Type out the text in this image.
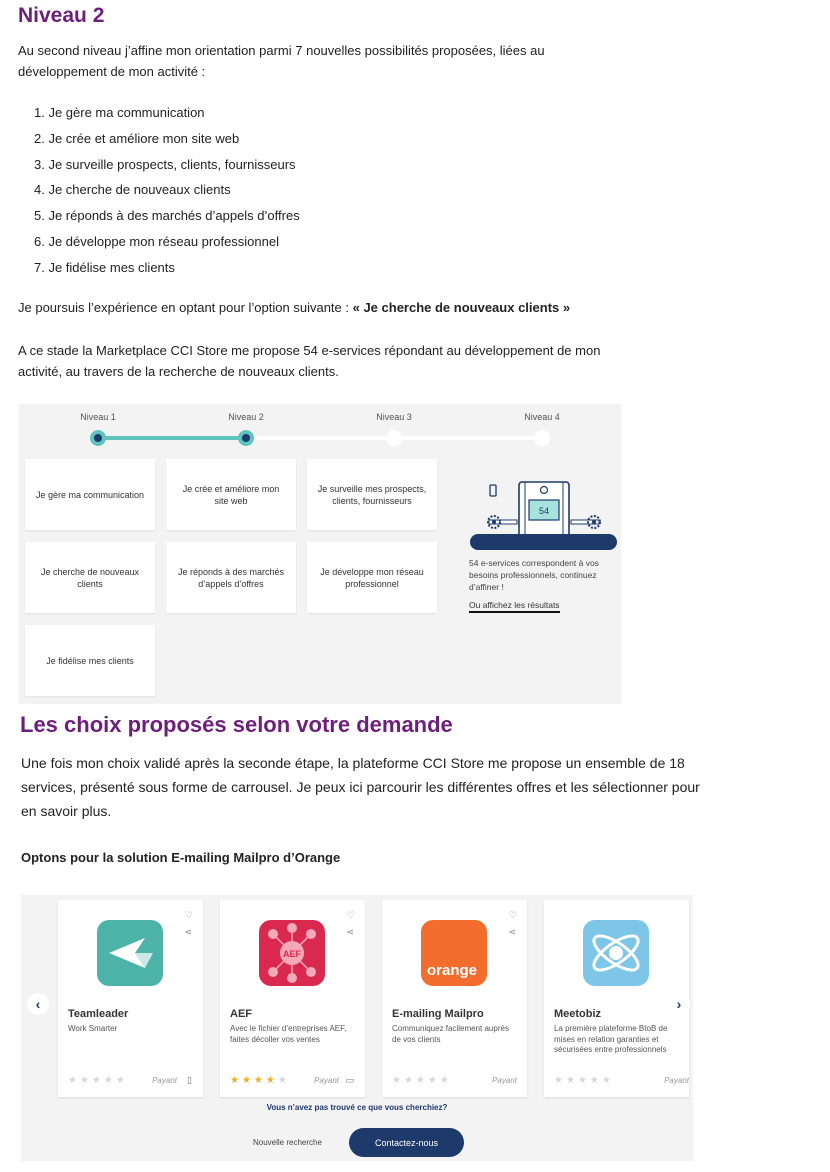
Niveau 2

Au second niveau j’affine mon orientation parmi 7 nouvelles possibilités proposées, liées au développement de mon activité :

1. Je gère ma communication
2. Je crée et améliore mon site web
3. Je surveille prospects, clients, fournisseurs
4. Je cherche de nouveaux clients
5. Je réponds à des marchés d’appels d’offres
6. Je développe mon réseau professionnel
7. Je fidélise mes clients

Je poursuis l’expérience en optant pour l’option suivante : « Je cherche de nouveaux clients »

A ce stade la Marketplace CCI Store me propose 54 e-services répondant au développement de mon activité, au travers de la recherche de nouveaux clients.

Niveau 1	Niveau 2	Niveau 3	Niveau 4
Je gère ma communication
Je crée et améliore mon site web
Je surveille mes prospects, clients, fournisseurs
Je cherche de nouveaux clients
Je réponds à des marchés d’appels d’offres
Je développe mon réseau professionnel
Je fidélise mes clients
54
54 e-services correspondent à vos besoins professionnels, continuez d’affiner !
Ou affichez les résultats
Les choix proposés selon votre demande

Une fois mon choix validé après la seconde étape, la plateforme CCI Store me propose un ensemble de 18 services, présenté sous forme de carrousel. Je peux ici parcourir les différentes offres et les sélectionner pour en savoir plus.

Optons pour la solution E-mailing Mailpro d’Orange

‹
♡
⋖
Teamleader
Work Smarter
★★★★★	Payant ▯
♡
⋖
AEF
AEF
Avec le fichier d’entreprises AEF, faites décoller vos ventes
★★★★★	Payant ▭
♡
⋖
orange
E-mailing Mailpro
Communiquez facilement auprès de vos clients
★★★★★	Payant
Meetobiz
La première plateforme BtoB de mises en relation garanties et sécurisées entre professionnels
★★★★★	Payant
›
Vous n’avez pas trouvé ce que vous cherchiez?
Nouvelle recherche	Contactez-nous
